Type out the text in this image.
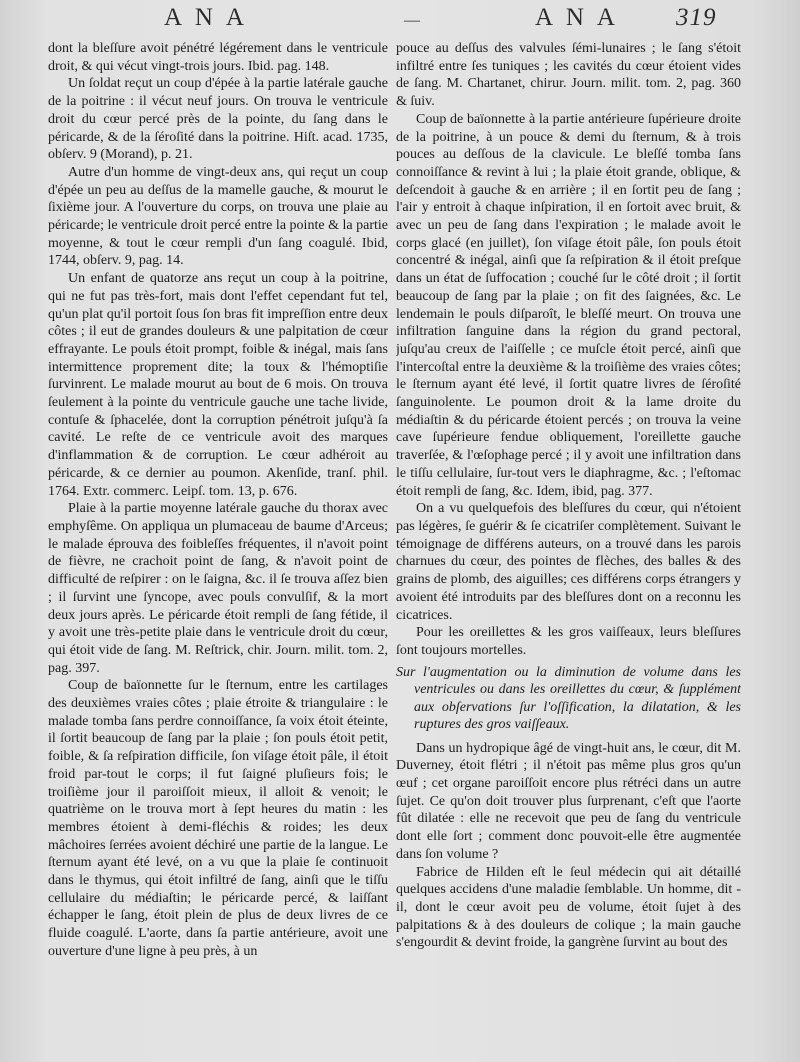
A N A	—	A N A 319

dont la bleſſure avoit pénétré légérement dans le ventricule droit, & qui vécut vingt-trois jours. Ibid. pag. 148.

Un ſoldat reçut un coup d'épée à la partie latérale gauche de la poitrine : il vécut neuf jours. On trouva le ventricule droit du cœur percé près de la pointe, du ſang dans le péricarde, & de la ſéroſité dans la poitrine. Hiſt. acad. 1735, obſerv. 9 (Morand), p. 21.

Autre d'un homme de vingt-deux ans, qui reçut un coup d'épée un peu au deſſus de la mamelle gauche, & mourut le ſixième jour. A l'ouverture du corps, on trouva une plaie au péricarde; le ventricule droit percé entre la pointe & la partie moyenne, & tout le cœur rempli d'un ſang coagulé. Ibid, 1744, obſerv. 9, pag. 14.

Un enfant de quatorze ans reçut un coup à la poitrine, qui ne fut pas très-fort, mais dont l'effet cependant fut tel, qu'un plat qu'il portoit ſous ſon bras fit impreſſion entre deux côtes ; il eut de grandes douleurs & une palpitation de cœur effrayante. Le pouls étoit prompt, foible & inégal, mais ſans intermittence proprement dite; la toux & l'hémoptiſie ſurvinrent. Le malade mourut au bout de 6 mois. On trouva ſeulement à la pointe du ventricule gauche une tache livide, contuſe & ſphacelée, dont la corruption pénétroit juſqu'à ſa cavité. Le reſte de ce ventricule avoit des marques d'inflammation & de corruption. Le cœur adhéroit au péricarde, & ce dernier au poumon. Akenſide, tranſ. phil. 1764. Extr. commerc. Leipſ. tom. 13, p. 676.

Plaie à la partie moyenne latérale gauche du thorax avec emphyſême. On appliqua un plumaceau de baume d'Arceus; le malade éprouva des foibleſſes fréquentes, il n'avoit point de fièvre, ne crachoit point de ſang, & n'avoit point de difficulté de reſpirer : on le ſaigna, &c. il ſe trouva aſſez bien ; il ſurvint une ſyncope, avec pouls convulſif, & la mort deux jours après. Le péricarde étoit rempli de ſang fétide, il y avoit une très-petite plaie dans le ventricule droit du cœur, qui étoit vide de ſang. M. Reſtrick, chir. Journ. milit. tom. 2, pag. 397.

Coup de baïonnette ſur le ſternum, entre les cartilages des deuxièmes vraies côtes ; plaie étroite & triangulaire : le malade tomba ſans perdre connoiſſance, ſa voix étoit éteinte, il ſortit beaucoup de ſang par la plaie ; ſon pouls étoit petit, foible, & ſa reſpiration difficile, ſon viſage étoit pâle, il étoit froid par-tout le corps; il fut ſaigné pluſieurs fois; le troiſième jour il paroiſſoit mieux, il alloit & venoit; le quatrième on le trouva mort à ſept heures du matin : les membres étoient à demi-fléchis & roides; les deux mâchoires ſerrées avoient déchiré une partie de la langue. Le ſternum ayant été levé, on a vu que la plaie ſe continuoit dans le thymus, qui étoit infiltré de ſang, ainſi que le tiſſu cellulaire du médiaſtin; le péricarde percé, & laiſſant échapper le ſang, étoit plein de plus de deux livres de ce fluide coagulé. L'aorte, dans ſa partie antérieure, avoit une ouverture d'une ligne à peu près, à un

pouce au deſſus des valvules ſémi-lunaires ; le ſang s'étoit infiltré entre ſes tuniques ; les cavités du cœur étoient vides de ſang. M. Chartanet, chirur. Journ. milit. tom. 2, pag. 360 & ſuiv.

Coup de baïonnette à la partie antérieure ſupérieure droite de la poitrine, à un pouce & demi du ſternum, & à trois pouces au deſſous de la clavicule. Le bleſſé tomba ſans connoiſſance & revint à lui ; la plaie étoit grande, oblique, & deſcendoit à gauche & en arrière ; il en ſortit peu de ſang ; l'air y entroit à chaque inſpiration, il en ſortoit avec bruit, & avec un peu de ſang dans l'expiration ; le malade avoit le corps glacé (en juillet), ſon viſage étoit pâle, ſon pouls étoit concentré & inégal, ainſi que ſa reſpiration & il étoit preſque dans un état de ſuffocation ; couché ſur le côté droit ; il ſortit beaucoup de ſang par la plaie ; on fit des ſaignées, &c. Le lendemain le pouls diſparoît, le bleſſé meurt. On trouva une infiltration ſanguine dans la région du grand pectoral, juſqu'au creux de l'aiſſelle ; ce muſcle étoit percé, ainſi que l'intercoſtal entre la deuxième & la troiſième des vraies côtes; le ſternum ayant été levé, il ſortit quatre livres de ſéroſité ſanguinolente. Le poumon droit & la lame droite du médiaſtin & du péricarde étoient percés ; on trouva la veine cave ſupérieure fendue obliquement, l'oreillette gauche traverſée, & l'œſophage percé ; il y avoit une infiltration dans le tiſſu cellulaire, ſur-tout vers le diaphragme, &c. ; l'eſtomac étoit rempli de ſang, &c. Idem, ibid, pag. 377.

On a vu quelquefois des bleſſures du cœur, qui n'étoient pas légères, ſe guérir & ſe cicatriſer complètement. Suivant le témoignage de différens auteurs, on a trouvé dans les parois charnues du cœur, des pointes de flèches, des balles & des grains de plomb, des aiguilles; ces différens corps étrangers y avoient été introduits par des bleſſures dont on a reconnu les cicatrices.

Pour les oreillettes & les gros vaiſſeaux, leurs bleſſures ſont toujours mortelles.

Sur l'augmentation ou la diminution de volume dans les ventricules ou dans les oreillettes du cœur, & ſupplément aux obſervations ſur l'oſſification, la dilatation, & les ruptures des gros vaiſſeaux.

Dans un hydropique âgé de vingt-huit ans, le cœur, dit M. Duverney, étoit flétri ; il n'étoit pas même plus gros qu'un œuf ; cet organe paroiſſoit encore plus rétréci dans un autre ſujet. Ce qu'on doit trouver plus ſurprenant, c'eſt que l'aorte fût dilatée : elle ne recevoit que peu de ſang du ventricule dont elle ſort ; comment donc pouvoit-elle être augmentée dans ſon volume ?

Fabrice de Hilden eſt le ſeul médecin qui ait détaillé quelques accidens d'une maladie ſemblable. Un homme, dit - il, dont le cœur avoit peu de volume, étoit ſujet à des palpitations & à des douleurs de colique ; la main gauche s'engourdit & devint froide, la gangrène ſurvint au bout des
